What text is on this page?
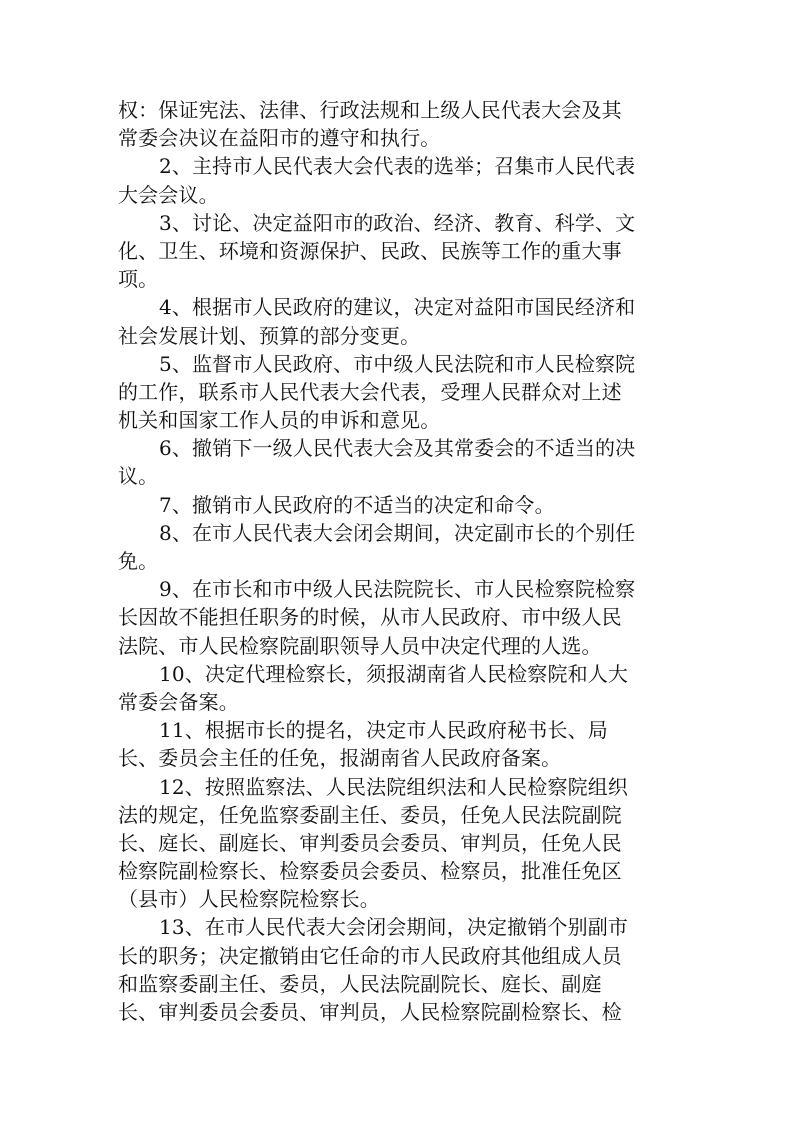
权：保证宪法、法律、行政法规和上级人民代表大会及其
常委会决议在益阳市的遵守和执行。
2、主持市人民代表大会代表的选举；召集市人民代表
大会会议。
3、讨论、决定益阳市的政治、经济、教育、科学、文
化、卫生、环境和资源保护、民政、民族等工作的重大事
项。
4、根据市人民政府的建议，决定对益阳市国民经济和
社会发展计划、预算的部分变更。
5、监督市人民政府、市中级人民法院和市人民检察院
的工作，联系市人民代表大会代表，受理人民群众对上述
机关和国家工作人员的申诉和意见。
6、撤销下一级人民代表大会及其常委会的不适当的决
议。
7、撤销市人民政府的不适当的决定和命令。
8、在市人民代表大会闭会期间，决定副市长的个别任
免。
9、在市长和市中级人民法院院长、市人民检察院检察
长因故不能担任职务的时候，从市人民政府、市中级人民
法院、市人民检察院副职领导人员中决定代理的人选。
10、决定代理检察长，须报湖南省人民检察院和人大
常委会备案。
11、根据市长的提名，决定市人民政府秘书长、局
长、委员会主任的任免，报湖南省人民政府备案。
12、按照监察法、人民法院组织法和人民检察院组织
法的规定，任免监察委副主任、委员，任免人民法院副院
长、庭长、副庭长、审判委员会委员、审判员，任免人民
检察院副检察长、检察委员会委员、检察员，批准任免区
（县市）人民检察院检察长。
13、在市人民代表大会闭会期间，决定撤销个别副市
长的职务；决定撤销由它任命的市人民政府其他组成人员
和监察委副主任、委员，人民法院副院长、庭长、副庭
长、审判委员会委员、审判员，人民检察院副检察长、检
